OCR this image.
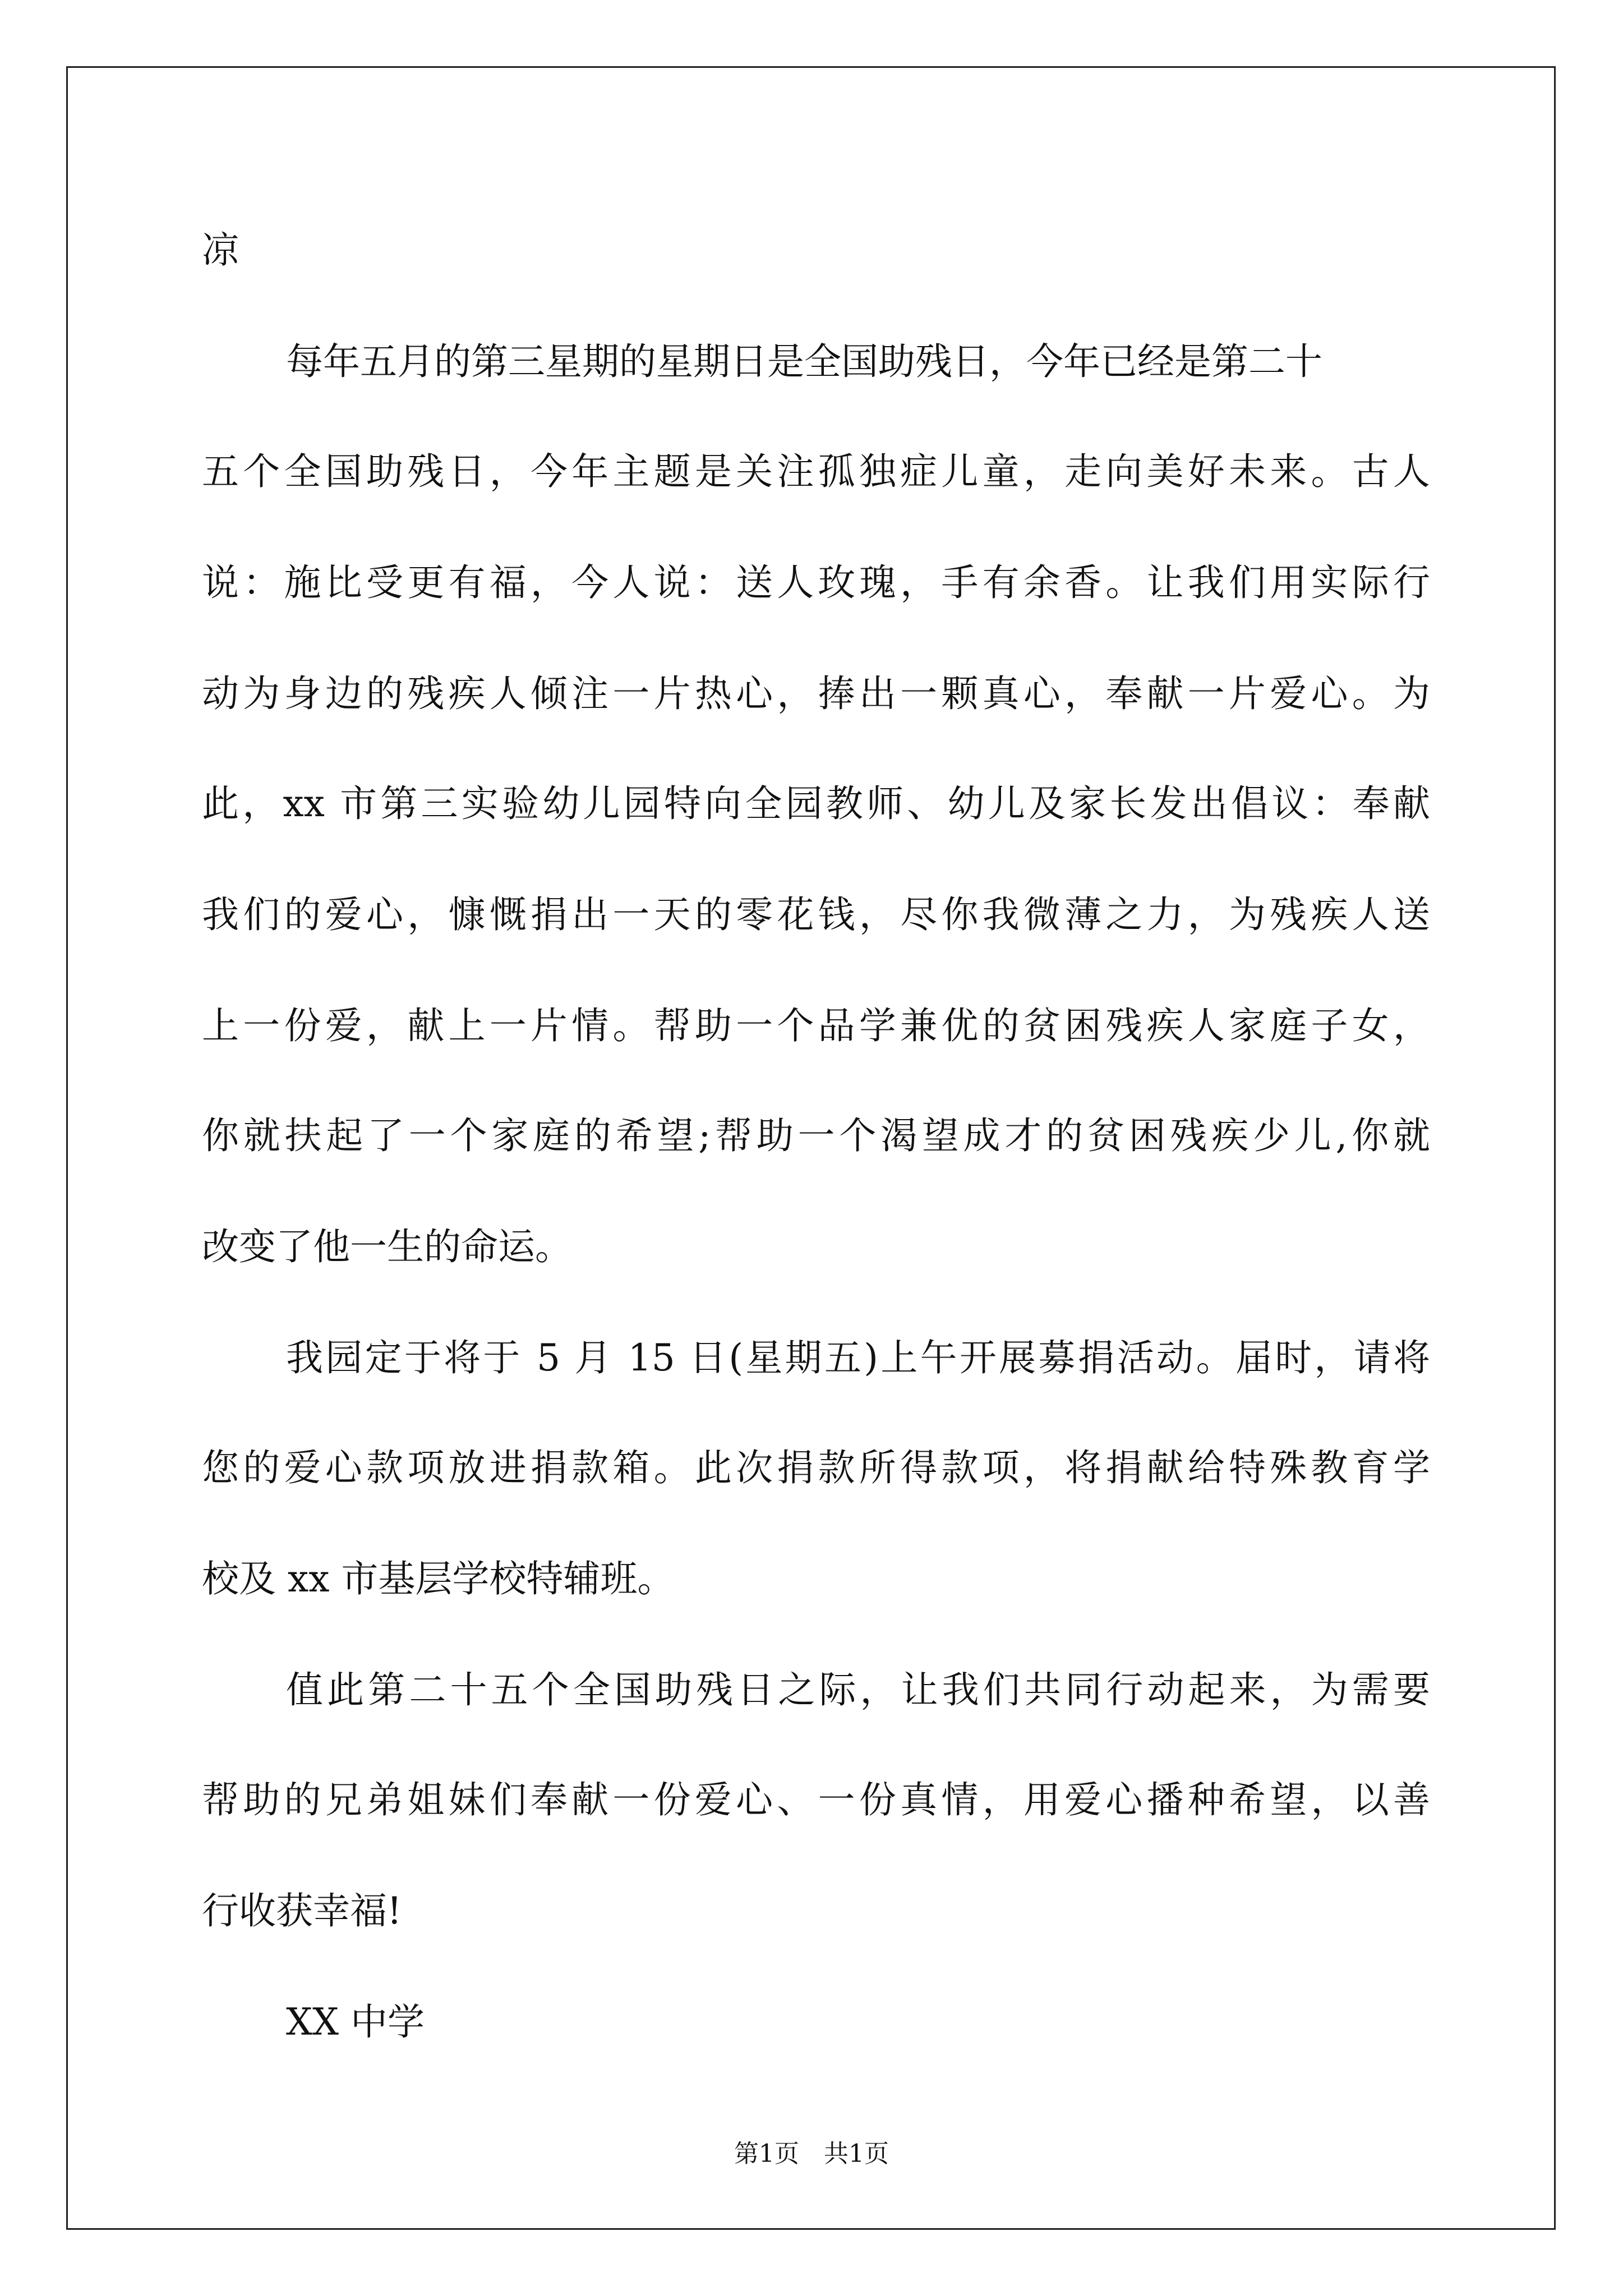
凉
每年五月的第三星期的星期日是全国助残日，今年已经是第二十
五个全国助残日，今年主题是关注孤独症儿童，走向美好未来。古人
说：施比受更有福，今人说：送人玫瑰，手有余香。让我们用实际行
动为身边的残疾人倾注一片热心，捧出一颗真心，奉献一片爱心。为
此，xx 市第三实验幼儿园特向全园教师、幼儿及家长发出倡议：奉献
我们的爱心，慷慨捐出一天的零花钱，尽你我微薄之力，为残疾人送
上一份爱，献上一片情。帮助一个品学兼优的贫困残疾人家庭子女，
你就扶起了一个家庭的希望;帮助一个渴望成才的贫困残疾少儿,你就
改变了他一生的命运。
我园定于将于 5 月 15 日(星期五)上午开展募捐活动。届时，请将
您的爱心款项放进捐款箱。此次捐款所得款项，将捐献给特殊教育学
校及 xx 市基层学校特辅班。
值此第二十五个全国助残日之际，让我们共同行动起来，为需要
帮助的兄弟姐妹们奉献一份爱心、一份真情，用爱心播种希望，以善
行收获幸福!
XX 中学
第1页　共1页
